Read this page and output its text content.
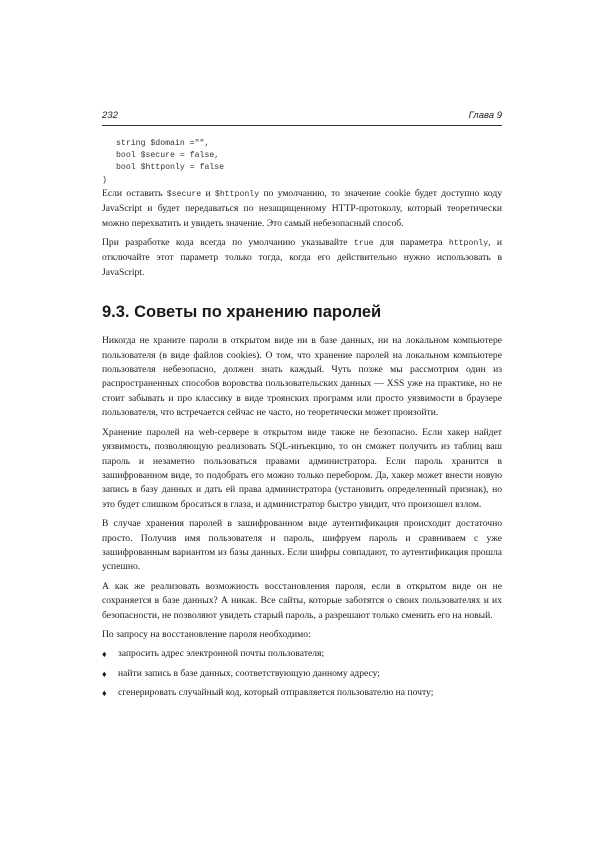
232	Глава 9
string $domain ="",
bool $secure = false,
bool $httponly = false
)

Если оставить $secure и $httponly по умолчанию, то значение cookie будет доступно коду JavaScript и будет передаваться по незащищенному HTTP-протоколу, который теоретически можно перехватить и увидеть значение. Это самый небезопасный способ.

При разработке кода всегда по умолчанию указывайте true для параметра httponly, и отключайте этот параметр только тогда, когда его действительно нужно использовать в JavaScript.

9.3. Советы по хранению паролей

Никогда не храните пароли в открытом виде ни в базе данных, ни на локальном компьютере пользователя (в виде файлов cookies). О том, что хранение паролей на локальном компьютере пользователя небезопасно, должен знать каждый. Чуть позже мы рассмотрим один из распространенных способов воровства пользовательских данных — XSS уже на практике, но не стоит забывать и про классику в виде троянских программ или просто уязвимости в браузере пользователя, что встречается сейчас не часто, но теоретически может произойти.

Хранение паролей на web-сервере в открытом виде также не безопасно. Если хакер найдет уязвимость, позволяющую реализовать SQL-инъекцию, то он сможет получить из таблиц ваш пароль и незаметно пользоваться правами администратора. Если пароль хранится в зашифрованном виде, то подобрать его можно только перебором. Да, хакер может внести новую запись в базу данных и дать ей права администратора (установить определенный признак), но это будет слишком бросаться в глаза, и администратор быстро увидит, что произошел взлом.

В случае хранения паролей в зашифрованном виде аутентификация происходит достаточно просто. Получив имя пользователя и пароль, шифруем пароль и сравниваем с уже зашифрованным вариантом из базы данных. Если шифры совпадают, то аутентификация прошла успешно.

А как же реализовать возможность восстановления пароля, если в открытом виде он не сохраняется в базе данных? А никак. Все сайты, которые заботятся о своих пользователях и их безопасности, не позволяют увидеть старый пароль, а разрешают только сменить его на новый.

По запросу на восстановление пароля необходимо:

♦ запросить адрес электронной почты пользователя;
♦ найти запись в базе данных, соответствующую данному адресу;
♦ сгенерировать случайный код, который отправляется пользователю на почту;
